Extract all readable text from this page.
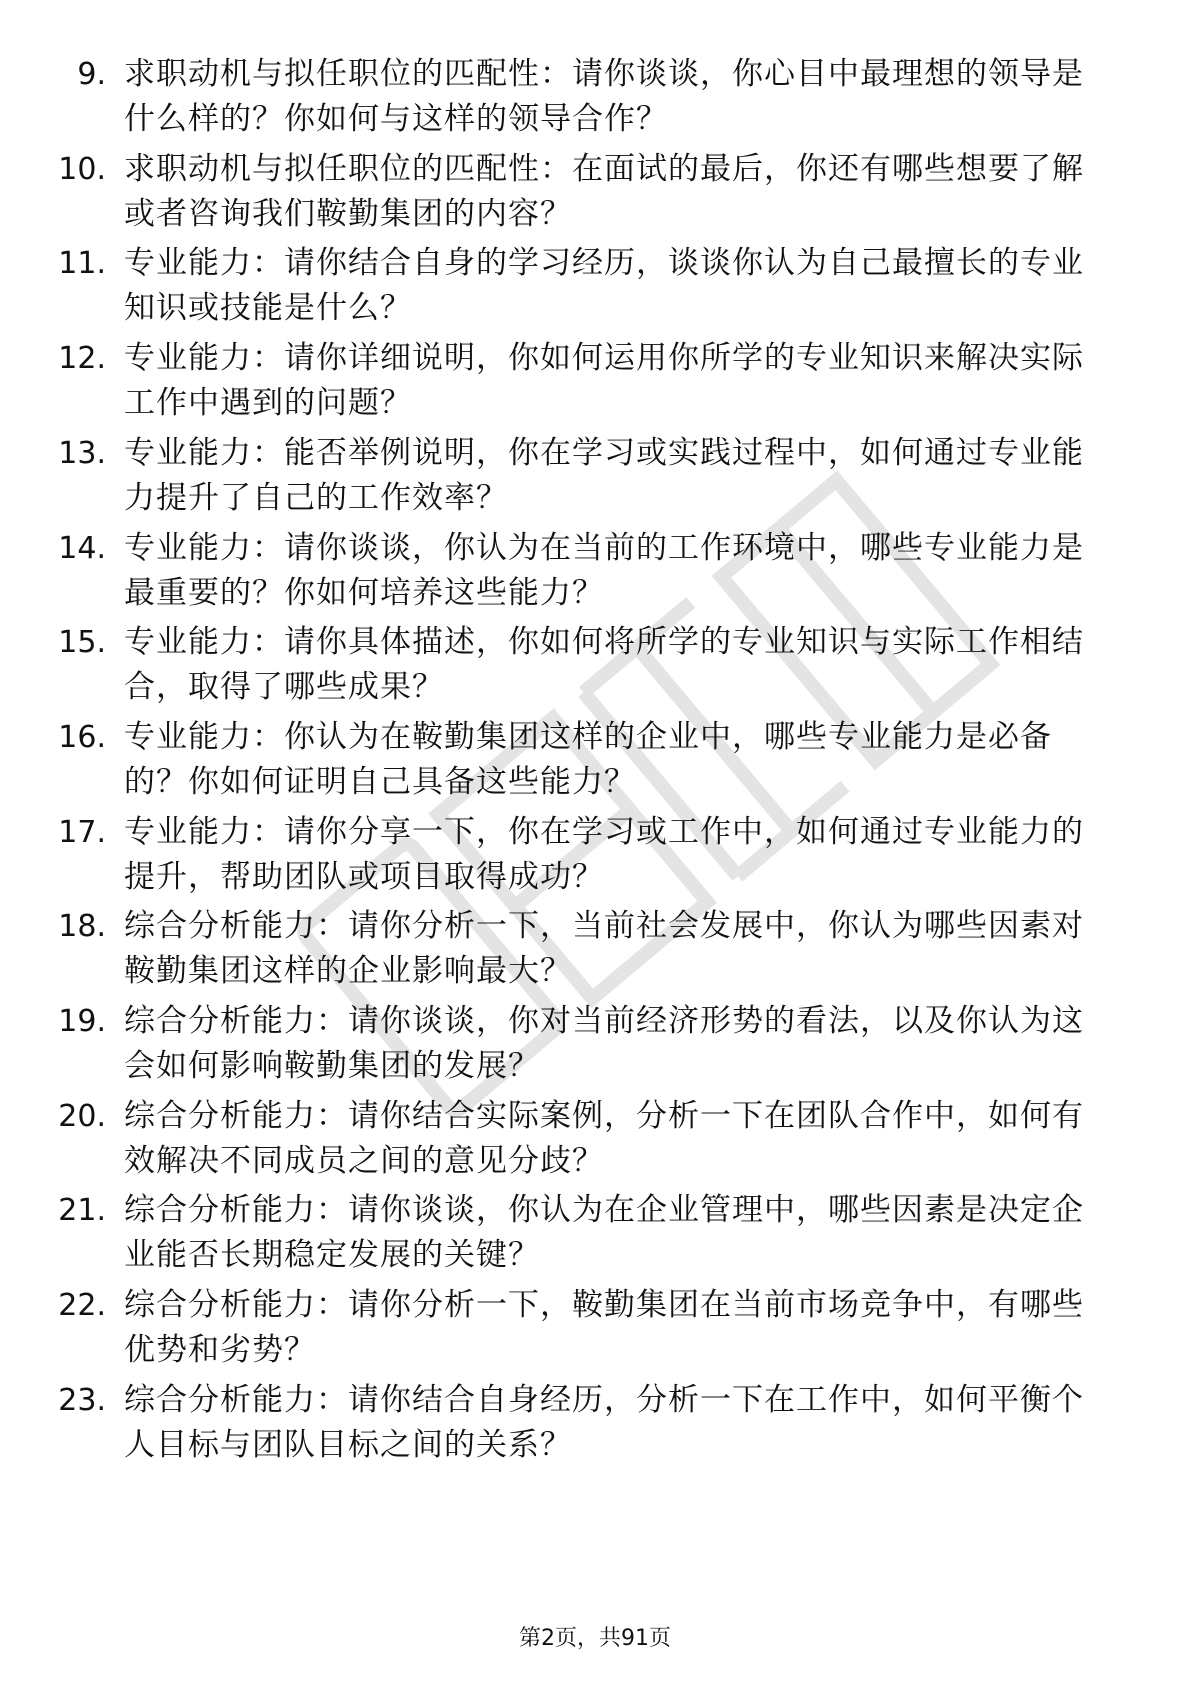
9. 求职动机与拟任职位的匹配性：请你谈谈，你心目中最理想的领导是什么样的？你如何与这样的领导合作？
10. 求职动机与拟任职位的匹配性：在面试的最后，你还有哪些想要了解或者咨询我们鞍勤集团的内容？
11. 专业能力：请你结合自身的学习经历，谈谈你认为自己最擅长的专业知识或技能是什么？
12. 专业能力：请你详细说明，你如何运用你所学的专业知识来解决实际工作中遇到的问题？
13. 专业能力：能否举例说明，你在学习或实践过程中，如何通过专业能力提升了自己的工作效率？
14. 专业能力：请你谈谈，你认为在当前的工作环境中，哪些专业能力是最重要的？你如何培养这些能力？
15. 专业能力：请你具体描述，你如何将所学的专业知识与实际工作相结合，取得了哪些成果？
16. 专业能力：你认为在鞍勤集团这样的企业中，哪些专业能力是必备的？你如何证明自己具备这些能力？
17. 专业能力：请你分享一下，你在学习或工作中，如何通过专业能力的提升，帮助团队或项目取得成功？
18. 综合分析能力：请你分析一下，当前社会发展中，你认为哪些因素对鞍勤集团这样的企业影响最大？
19. 综合分析能力：请你谈谈，你对当前经济形势的看法，以及你认为这会如何影响鞍勤集团的发展？
20. 综合分析能力：请你结合实际案例，分析一下在团队合作中，如何有效解决不同成员之间的意见分歧？
21. 综合分析能力：请你谈谈，你认为在企业管理中，哪些因素是决定企业能否长期稳定发展的关键？
22. 综合分析能力：请你分析一下，鞍勤集团在当前市场竞争中，有哪些优势和劣势？
23. 综合分析能力：请你结合自身经历，分析一下在工作中，如何平衡个人目标与团队目标之间的关系？
第2页，共91页
